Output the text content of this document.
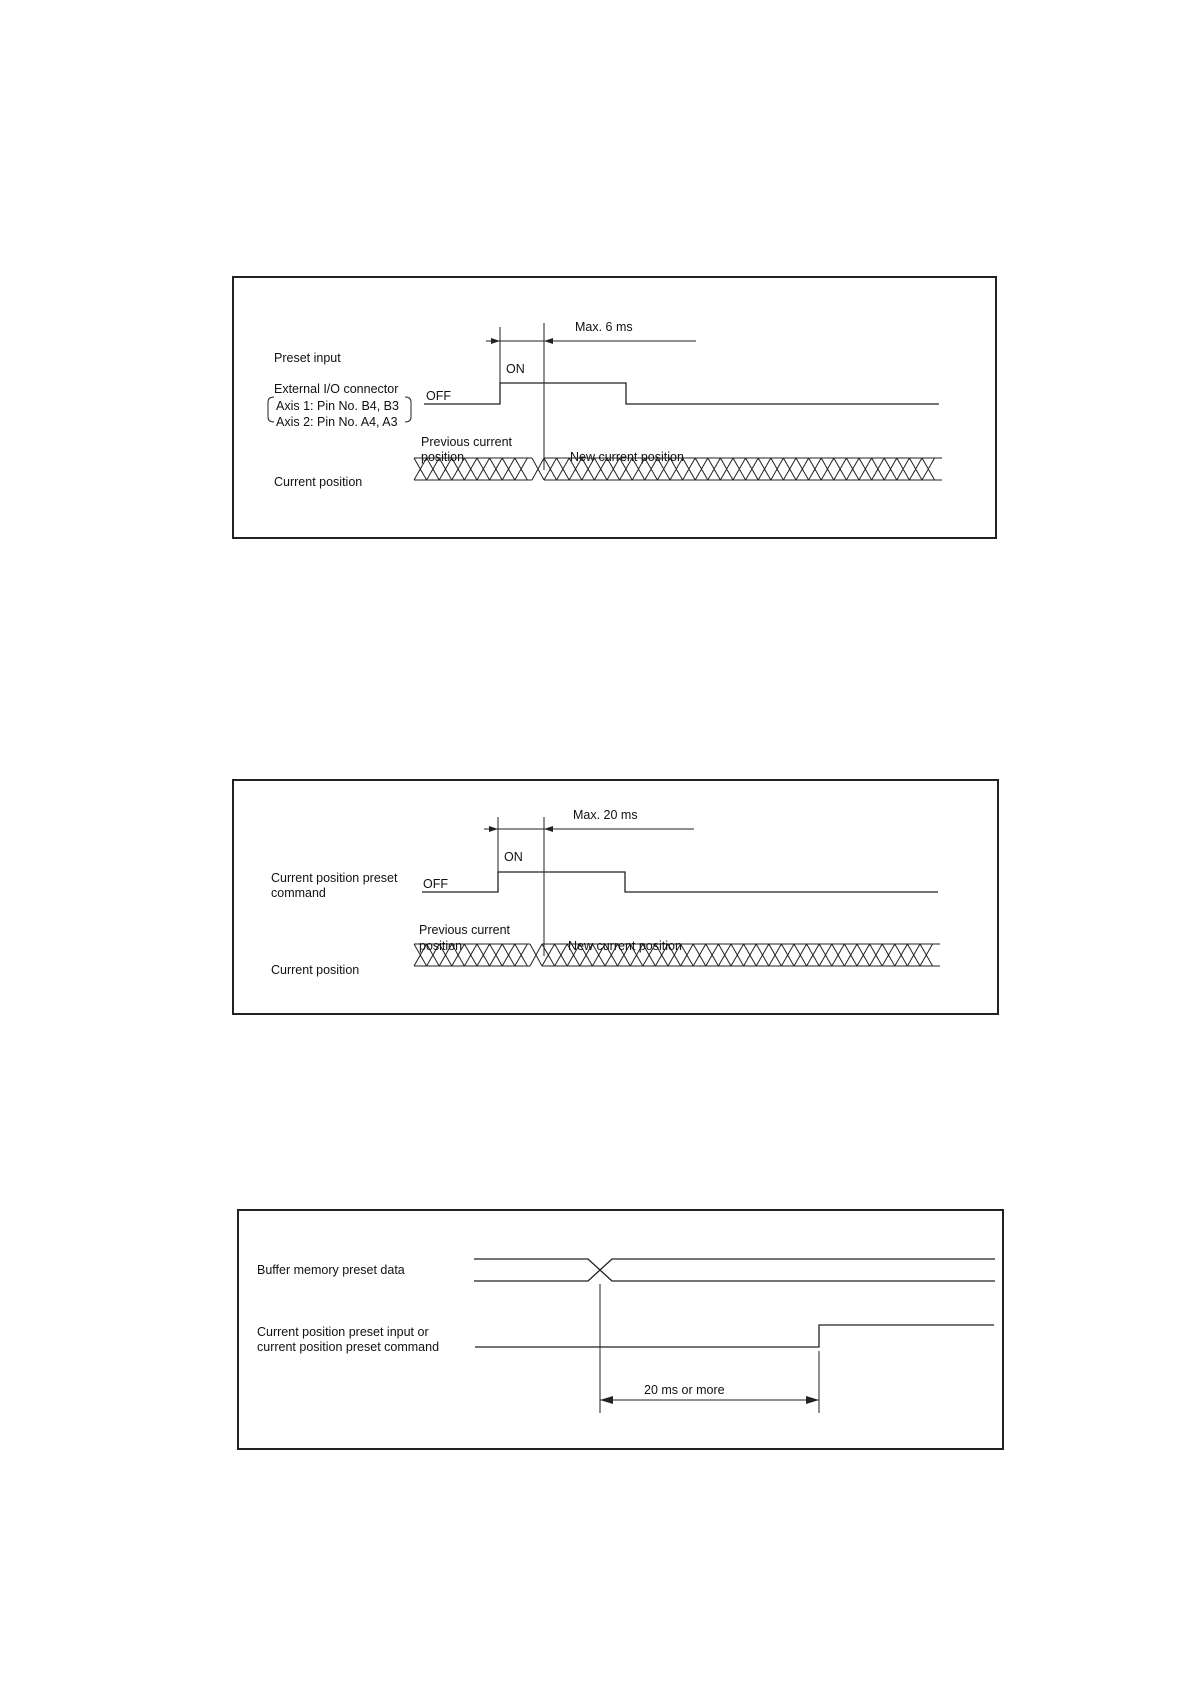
Preset input
External I/O connector
Axis 1: Pin No. B4, B3
Axis 2: Pin No. A4, A3
OFF
ON
Max. 6 ms
Previous current
position	New current position
Current position
Current position preset
command
OFF
ON
Max. 20 ms
Previous current
position	New current position
Current position
Buffer memory preset data
Current position preset input or
current position preset command
20 ms or more
